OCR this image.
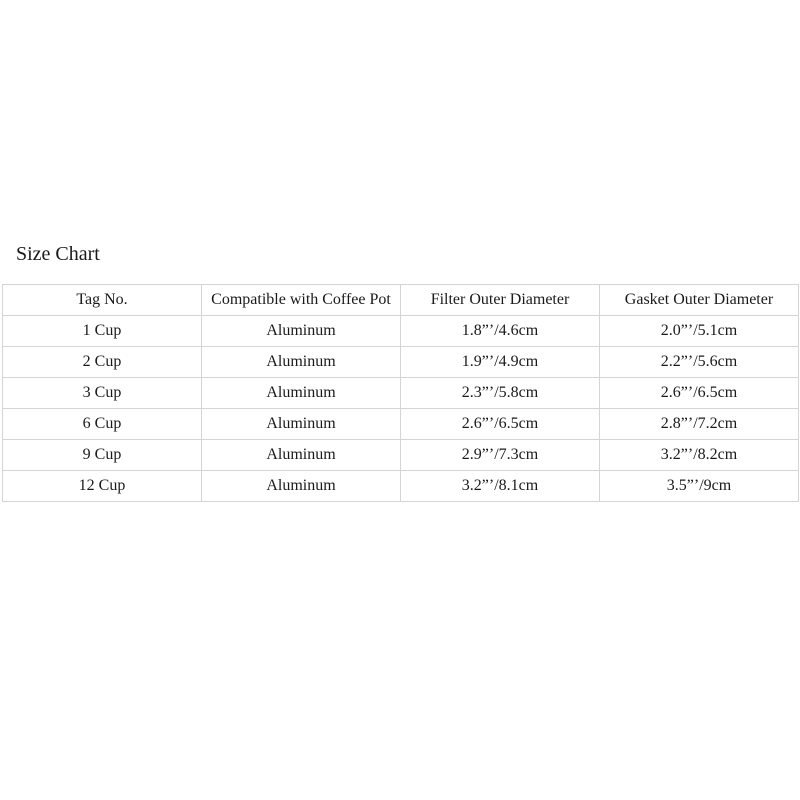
Size Chart
Tag No.	Compatible with Coffee Pot	Filter Outer Diameter	Gasket Outer Diameter
1 Cup	Aluminum	1.8”’/4.6cm	2.0”’/5.1cm
2 Cup	Aluminum	1.9”’/4.9cm	2.2”’/5.6cm
3 Cup	Aluminum	2.3”’/5.8cm	2.6”’/6.5cm
6 Cup	Aluminum	2.6”’/6.5cm	2.8”’/7.2cm
9 Cup	Aluminum	2.9”’/7.3cm	3.2”’/8.2cm
12 Cup	Aluminum	3.2”’/8.1cm	3.5”’/9cm
